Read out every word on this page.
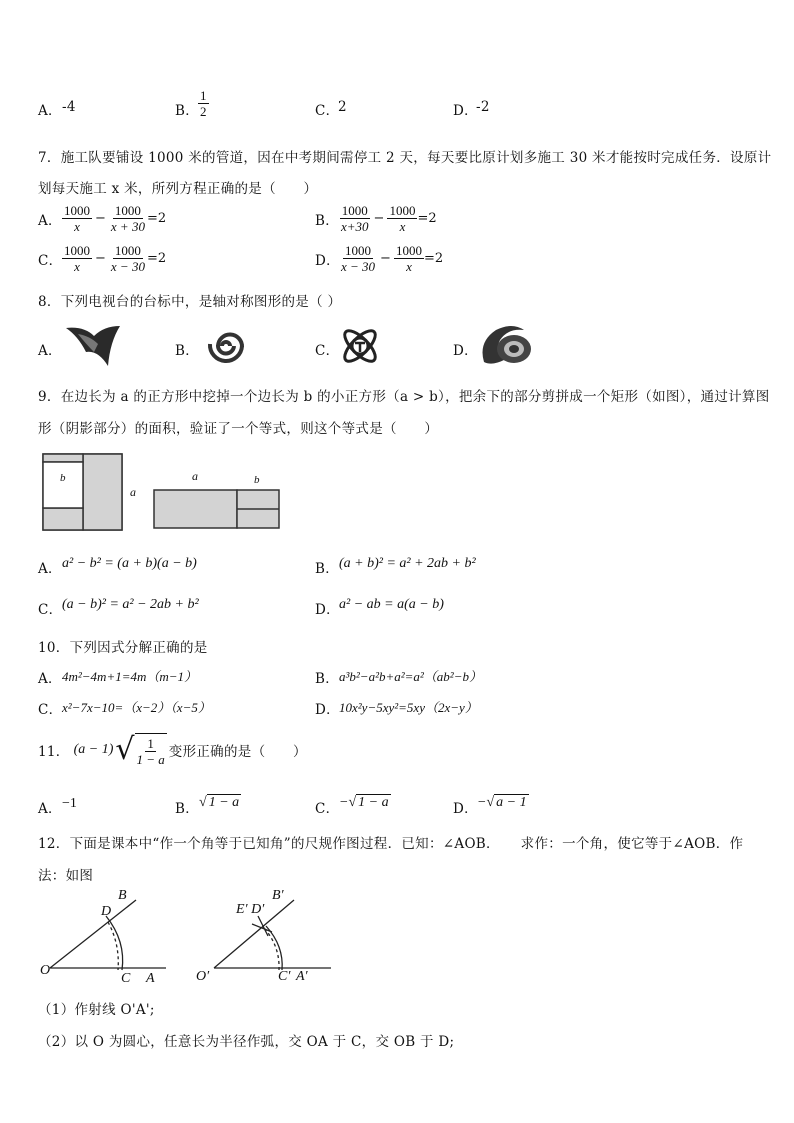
A． -4	B．
$\frac{1}{2}$	C．
2	D．
-2
7．施工队要铺设 1000 米的管道，因在中考期间需停工 2 天，每天要比原计划多施工 30 米才能按时完成任务．设原计
划每天施工 x 米，所列方程正确的是（　　）
A． $\frac{1000}{x} - \frac{1000}{x + 30} =2$	B． $\frac{1000}{x+30} - \frac{1000}{x} =2$
C． $\frac{1000}{x} - \frac{1000}{x - 30} =2$	D． $\frac{1000}{x - 30} - \frac{1000}{x} =2$
8．下列电视台的台标中，是轴对称图形的是（ ）
A．	B．	C．	D．
9．在边长为 a 的正方形中挖掉一个边长为 b 的小正方形（a > b），把余下的部分剪拼成一个矩形（如图），通过计算图
形（阴影部分）的面积，验证了一个等式，则这个等式是（　　）
b
a
a	b
A． a² − b² = (a + b)(a − b)	B． (a + b)² = a² + 2ab + b²
C． (a − b)² = a² − 2ab + b²	D． a² − ab = a(a − b)
10．下列因式分解正确的是
A． 4m²−4m+1=4m（m−1）	B． a³b²−a²b+a²=a²（ab²−b）
C． x²−7x−10=（x−2）（x−5）	D． 10x²y−5xy²=5xy（2x−y）
11． (a − 1) √ $\frac{1}{1 - a}$ 变形正确的是（　　）
A． −1	B． √ 1 − a	C． −√ 1 − a	D． −√ a − 1
12．下面是课本中“作一个角等于已知角”的尺规作图过程．已知：∠AOB．　　求作：一个角，使它等于∠AOB．作
法：如图
O
B
D
C A	O′
B′
E′ D′
C′ A′
（1）作射线 O'A';
（2）以 O 为圆心，任意长为半径作弧，交 OA 于 C，交 OB 于 D;
